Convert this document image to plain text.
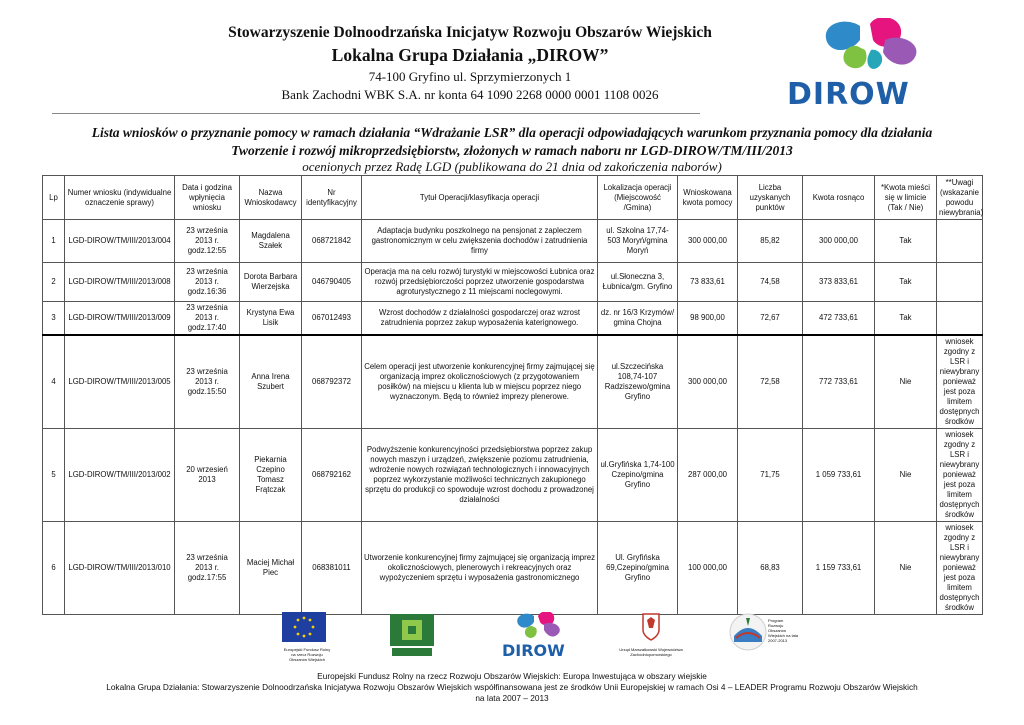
Stowarzyszenie Dolnoodrzańska Inicjatyw Rozwoju Obszarów Wiejskich
Lokalna Grupa Działania „DIROW”
74-100 Gryfino ul. Sprzymierzonych 1
Bank Zachodni WBK S.A. nr konta 64 1090 2268 0000 0001 1108 0026	DIROW
Lista wniosków o przyznanie pomocy w ramach działania “Wdrażanie LSR” dla operacji odpowiadających warunkom przyznania pomocy dla działania
Tworzenie i rozwój mikroprzedsiębiorstw, złożonych w ramach naboru nr LGD-DIROW/TM/III/2013
ocenionych przez Radę LGD (publikowana do 21 dnia od zakończenia naborów)
Lp	Numer wniosku (indywidualne oznaczenie sprawy)	Data i godzina wpłynięcia wniosku	Nazwa Wnioskodawcy	Nr identyfikacyjny	Tytuł Operacji/klasyfikacja operacji	Lokalizacja operacji (Miejscowość /Gmina)	Wnioskowana kwota pomocy	Liczba uzyskanych punktów	Kwota rosnąco	*Kwota mieści się w limicie (Tak / Nie)	**Uwagi (wskazanie powodu niewybrania)
1	LGD-DIROW/TM/III/2013/004	23 września 2013 r. godz.12:55	Magdalena Szałek	068721842	Adaptacja budynku poszkolnego na pensjonat z zapleczem gastronomicznym w celu zwiększenia dochodów i zatrudnienia firmy	ul. Szkolna 17,74-503 Moryń/gmina Moryń	300 000,00	85,82	300 000,00	Tak	
2	LGD-DIROW/TM/III/2013/008	23 września 2013 r. godz.16:36	Dorota Barbara Wierzejska	046790405	Operacja ma na celu rozwój turystyki w miejscowości Łubnica oraz rozwój przedsiębiorczości poprzez utworzenie gospodarstwa agroturystycznego z 11 miejscami noclegowymi.	ul.Słoneczna 3, Łubnica/gm. Gryfino	73 833,61	74,58	373 833,61	Tak	
3	LGD-DIROW/TM/III/2013/009	23 września 2013 r. godz.17:40	Krystyna Ewa Lisik	067012493	Wzrost dochodów z działalności gospodarczej oraz wzrost zatrudnienia poprzez zakup wyposażenia katerignowego.	dz. nr 16/3 Krzymów/ gmina Chojna	98 900,00	72,67	472 733,61	Tak	
4	LGD-DIROW/TM/III/2013/005	23 września 2013 r. godz.15:50	Anna Irena Szubert	068792372	Celem operacji jest utworzenie konkurencyjnej firmy zajmującej się organizacją imprez okolicznościowych (z przygotowaniem posiłków) na miejscu u klienta lub w miejscu poprzez niego wyznaczonym. Będą to również imprezy plenerowe.	ul.Szczecińska 108,74-107 Radziszewo/gmina Gryfino	300 000,00	72,58	772 733,61	Nie	wniosek zgodny z LSR i niewybrany ponieważ jest poza limitem dostępnych środków
5	LGD-DIROW/TM/III/2013/002	20 wrzesień 2013	Piekarnia Czepino Tomasz Frątczak	068792162	Podwyższenie konkurencyjności przedsiębiorstwa poprzez zakup nowych maszyn i urządzeń, zwiększenie poziomu zatrudnienia, wdrożenie nowych rozwiązań technologicznych i innowacyjnych poprzez wykorzystanie możliwości technicznych zakupionego sprzętu do produkcji co spowoduje wzrost dochodu z prowadzonej działalności	ul.Gryfińska 1,74-100 Czepino/gmina Gryfino	287 000,00	71,75	1 059 733,61	Nie	wniosek zgodny z LSR i niewybrany ponieważ jest poza limitem dostępnych środków
6	LGD-DIROW/TM/III/2013/010	23 września 2013 r. godz.17:55	Maciej Michał Piec	068381011	Utworzenie konkurencyjnej firmy zajmującej się organizacją imprez okolicznościowych, plenerowych i rekreacyjnych oraz wypożyczeniem sprzętu i wyposażenia gastronomicznego	Ul. Gryfińska 69,Czepino/gmina Gryfino	100 000,00	68,83	1 159 733,61	Nie	wniosek zgodny z LSR i niewybrany ponieważ jest poza limitem dostępnych środków
Europejski Fundusz Rolny na rzecz Rozwoju Obszarów Wiejskich	DIROW	Urząd Marszałkowski Województwa Zachodniopomorskiego
Program Rozwoju Obszarów Wiejskich na lata 2007-2013
Europejski Fundusz Rolny na rzecz Rozwoju Obszarów Wiejskich: Europa Inwestująca w obszary wiejskie
Lokalna Grupa Działania: Stowarzyszenie Dolnoodrzańska Inicjatywa Rozwoju Obszarów Wiejskich współfinansowana jest ze środków Unii Europejskiej w ramach Osi 4 – LEADER Programu Rozwoju Obszarów Wiejskich
na lata 2007 – 2013
